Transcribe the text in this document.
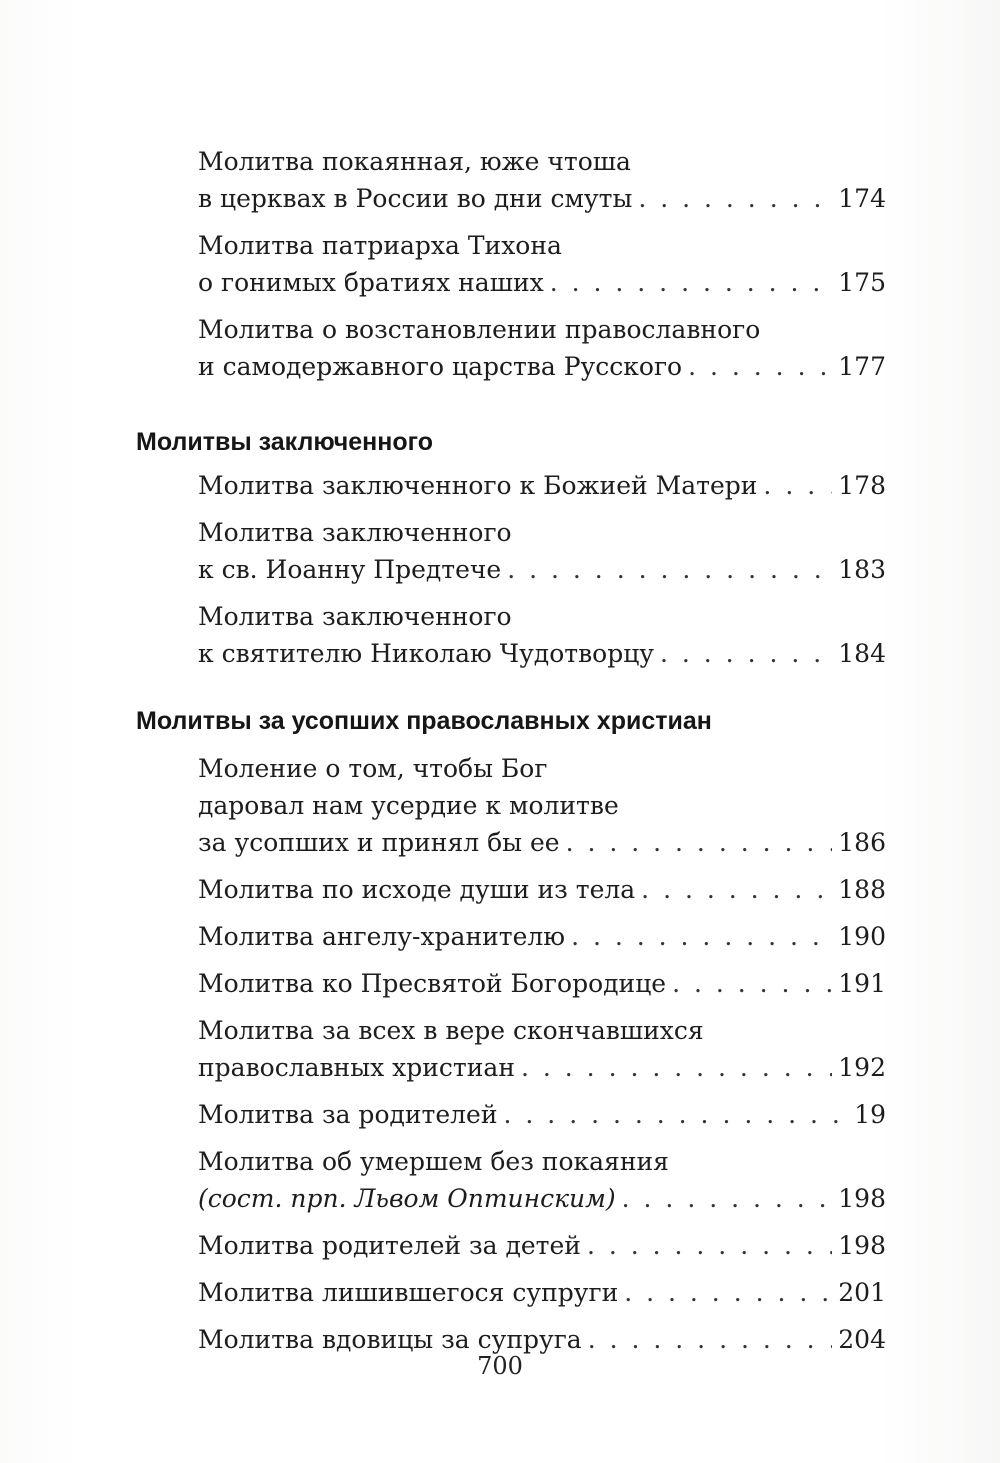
Молитва покаянная, юже чтоша
в церквах в России во дни смуты . . .	174
Молитва патриарха Тихона
о гонимых братиях наших . . .	175
Молитва о возстановлении православного
и самодержавного царства Русского . . .	177
Молитвы заключенного
Молитва заключенного к Божией Матери . . .	178
Молитва заключенного
к св. Иоанну Предтече . . .	183
Молитва заключенного
к святителю Николаю Чудотворцу . . .	184
Молитвы за усопших православных христиан
Моление о том, чтобы Бог
даровал нам усердие к молитве
за усопших и принял бы ее . . .	186
Молитва по исходе души из тела . . .	188
Молитва ангелу-хранителю . . .	190
Молитва ко Пресвятой Богородице . . .	191
Молитва за всех в вере скончавшихся
православных христиан . . .	192
Молитва за родителей . . .	19
Молитва об умершем без покаяния
(сост. прп. Львом Оптинским) . . .	198
Молитва родителей за детей . . .	198
Молитва лишившегося супруги . . .	201
Молитва вдовицы за супруга . . .	204
700
